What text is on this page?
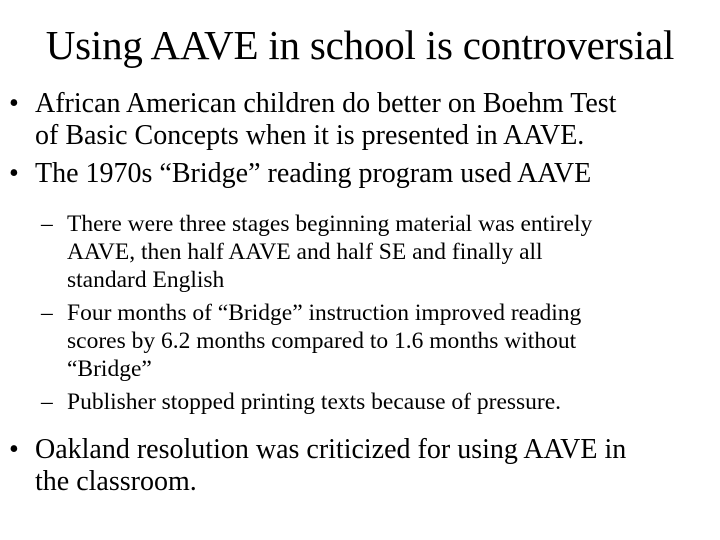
Using AAVE in school is controversial
• African American children do better on Boehm Test
of Basic Concepts when it is presented in AAVE.
• The 1970s “Bridge” reading program used AAVE
– There were three stages beginning material was entirely
AAVE, then half AAVE and half SE and finally all
standard English
– Four months of “Bridge” instruction improved reading
scores by 6.2 months compared to 1.6 months without
“Bridge”
– Publisher stopped printing texts because of pressure.
• Oakland resolution was criticized for using AAVE in
the classroom.
